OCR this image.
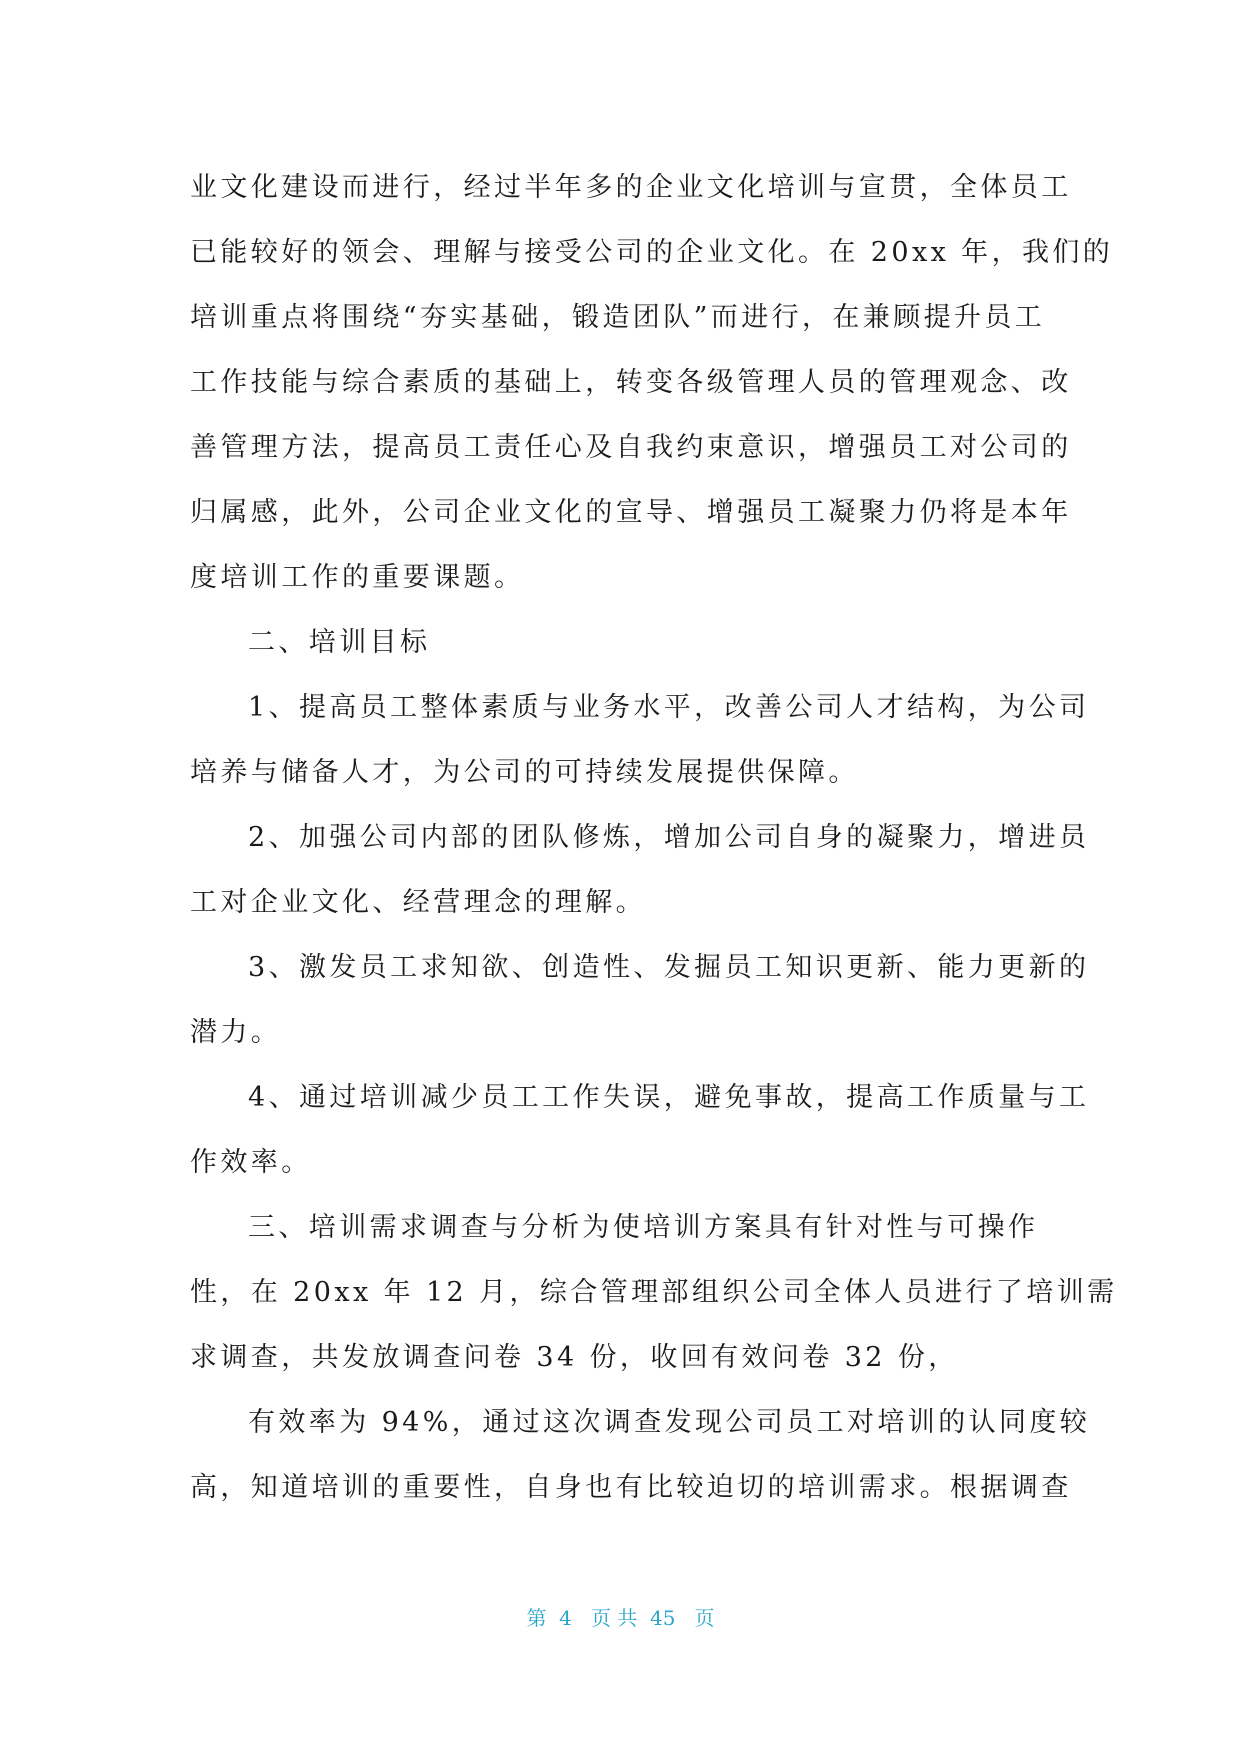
业文化建设而进行，经过半年多的企业文化培训与宣贯，全体员工
已能较好的领会、理解与接受公司的企业文化。在 20xx 年，我们的
培训重点将围绕“夯实基础，锻造团队”而进行，在兼顾提升员工
工作技能与综合素质的基础上，转变各级管理人员的管理观念、改
善管理方法，提高员工责任心及自我约束意识，增强员工对公司的
归属感，此外，公司企业文化的宣导、增强员工凝聚力仍将是本年
度培训工作的重要课题。
二、培训目标
1、提高员工整体素质与业务水平，改善公司人才结构，为公司
培养与储备人才，为公司的可持续发展提供保障。
2、加强公司内部的团队修炼，增加公司自身的凝聚力，增进员
工对企业文化、经营理念的理解。
3、激发员工求知欲、创造性、发掘员工知识更新、能力更新的
潜力。
4、通过培训减少员工工作失误，避免事故，提高工作质量与工
作效率。
三、培训需求调查与分析为使培训方案具有针对性与可操作
性，在 20xx 年 12 月，综合管理部组织公司全体人员进行了培训需
求调查，共发放调查问卷 34 份，收回有效问卷 32 份，
有效率为 94%，通过这次调查发现公司员工对培训的认同度较
高，知道培训的重要性，自身也有比较迫切的培训需求。根据调查
第  4   页 共  45   页
